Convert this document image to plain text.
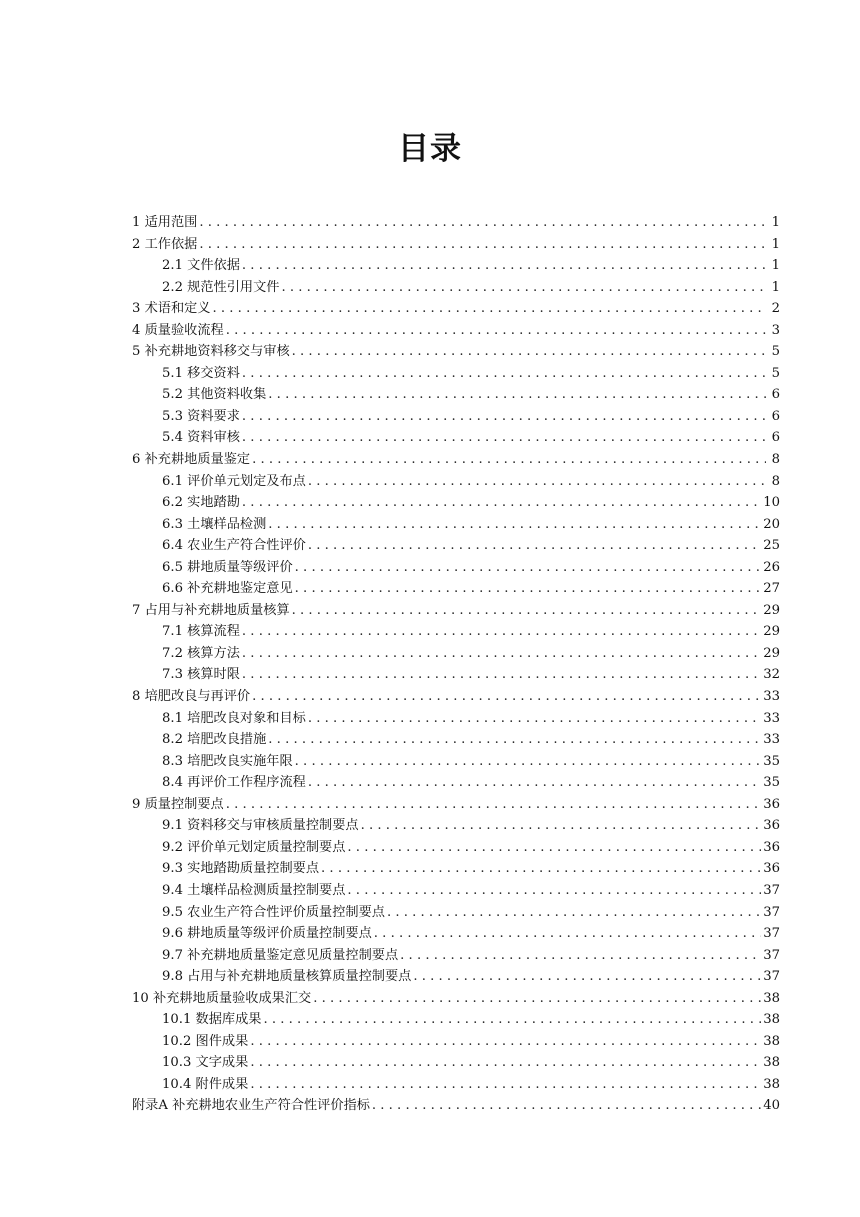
目录
1 适用范围 . . .	1
2 工作依据 . . .	1
2.1 文件依据 . . .	1
2.2 规范性引用文件 . . .	1
3 术语和定义 . . .	2
4 质量验收流程 . . .	3
5 补充耕地资料移交与审核 . . .	5
5.1 移交资料 . . .	5
5.2 其他资料收集 . . .	6
5.3 资料要求 . . .	6
5.4 资料审核 . . .	6
6 补充耕地质量鉴定 . . .	8
6.1 评价单元划定及布点 . . .	8
6.2 实地踏勘 . . .	10
6.3 土壤样品检测 . . .	20
6.4 农业生产符合性评价 . . .	25
6.5 耕地质量等级评价 . . .	26
6.6 补充耕地鉴定意见 . . .	27
7 占用与补充耕地质量核算 . . .	29
7.1 核算流程 . . .	29
7.2 核算方法 . . .	29
7.3 核算时限 . . .	32
8 培肥改良与再评价 . . .	33
8.1 培肥改良对象和目标 . . .	33
8.2 培肥改良措施 . . .	33
8.3 培肥改良实施年限 . . .	35
8.4 再评价工作程序流程 . . .	35
9 质量控制要点 . . .	36
9.1 资料移交与审核质量控制要点 . . .	36
9.2 评价单元划定质量控制要点 . . .	36
9.3 实地踏勘质量控制要点 . . .	36
9.4 土壤样品检测质量控制要点 . . .	37
9.5 农业生产符合性评价质量控制要点 . . .	37
9.6 耕地质量等级评价质量控制要点 . . .	37
9.7 补充耕地质量鉴定意见质量控制要点 . . .	37
9.8 占用与补充耕地质量核算质量控制要点 . . .	37
10 补充耕地质量验收成果汇交 . . .	38
10.1 数据库成果 . . .	38
10.2 图件成果 . . .	38
10.3 文字成果 . . .	38
10.4 附件成果 . . .	38
附录A 补充耕地农业生产符合性评价指标 . . .	40
